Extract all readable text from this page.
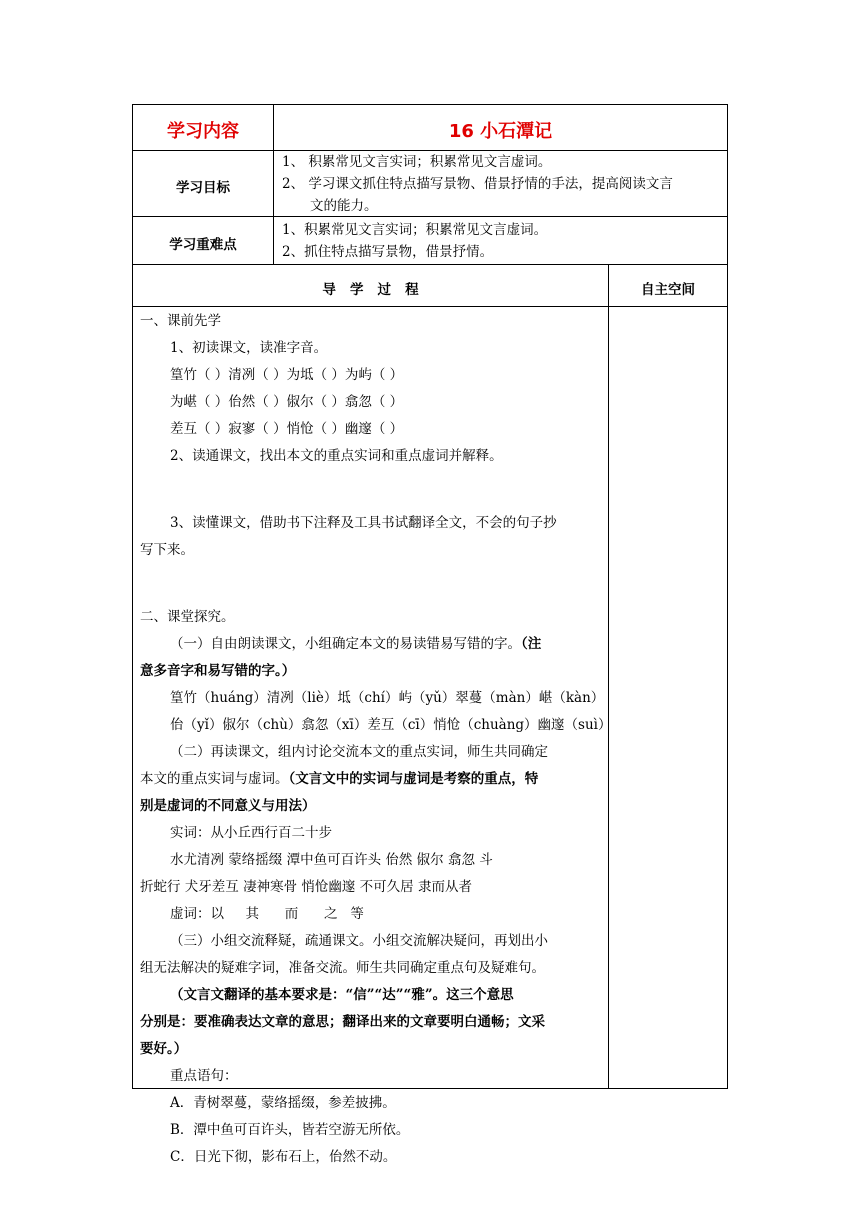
学习内容	16 小石潭记
学习目标
1、 积累常见文言实词；积累常见文言虚词。
2、 学习课文抓住特点描写景物、借景抒情的手法，提高阅读文言
文的能力。
学习重难点
1、积累常见文言实词；积累常见文言虚词。
2、抓住特点描写景物，借景抒情。
导   学   过   程	自主空间
一、课前先学
1、初读课文，读准字音。
篁竹（ ）清冽（ ）为坻（ ）为屿（ ）
为嵁（ ）佁然（ ）俶尔（ ）翕忽（ ）
差互（ ）寂寥（ ）悄怆（ ）幽邃（ ）
2、读通课文，找出本文的重点实词和重点虚词并解释。
3、读懂课文，借助书下注释及工具书试翻译全文，不会的句子抄
写下来。
二、课堂探究。
（一）自由朗读课文，小组确定本文的易读错易写错的字。（注
意多音字和易写错的字。）
篁竹（huáng）清冽（liè）坻（chí）屿（yǔ）翠蔓（màn）嵁（kàn）
佁（yǐ）俶尔（chù）翕忽（xī）差互（cī）悄怆（chuàng）幽邃（suì）
（二）再读课文，组内讨论交流本文的重点实词，师生共同确定
本文的重点实词与虚词。（文言文中的实词与虚词是考察的重点，特
别是虚词的不同意义与用法）
实词：从小丘西行百二十步
水尤清冽 蒙络摇缀 潭中鱼可百许头 佁然 俶尔 翕忽 斗
折蛇行 犬牙差互 凄神寒骨 悄怆幽邃 不可久居 隶而从者
虚词：以     其      而      之   等
（三）小组交流释疑，疏通课文。小组交流解决疑问，再划出小
组无法解决的疑难字词，准备交流。师生共同确定重点句及疑难句。
（文言文翻译的基本要求是：“信”“达”“雅”。这三个意思
分别是：要准确表达文章的意思；翻译出来的文章要明白通畅；文采
要好。）
重点语句：
A．青树翠蔓，蒙络摇缀，参差披拂。
B．潭中鱼可百许头，皆若空游无所依。
C．日光下彻，影布石上，佁然不动。
